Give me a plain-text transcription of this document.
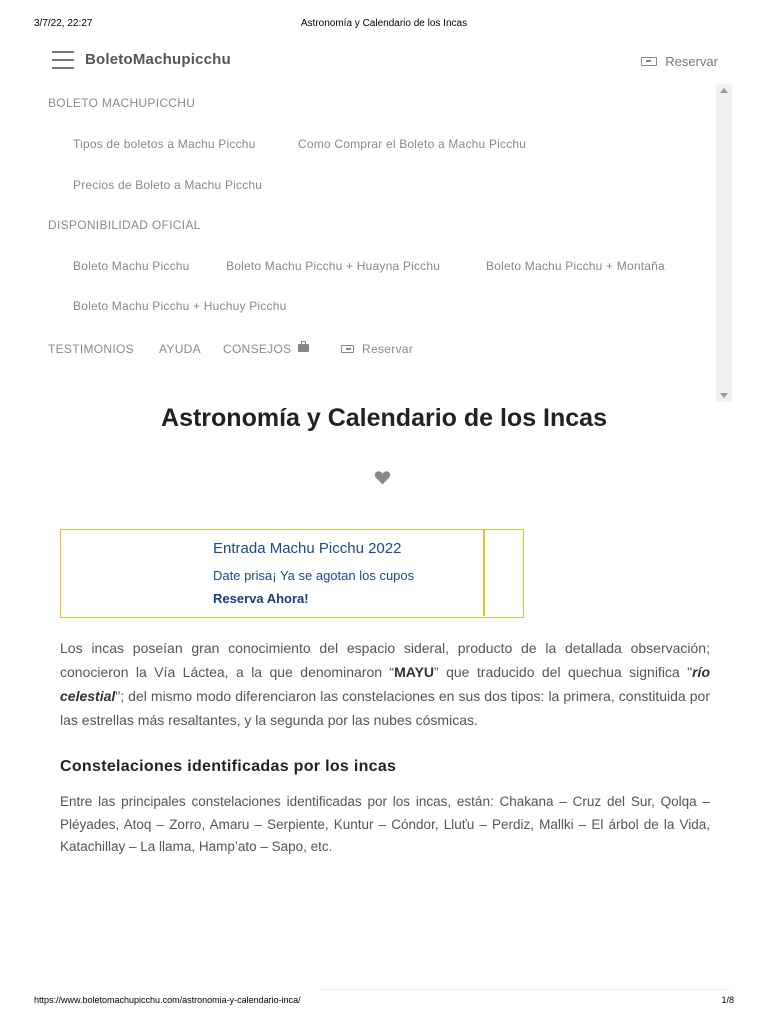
3/7/22, 22:27	Astronomía y Calendario de los Incas
BoletoMachupicchu	Reservar
BOLETO MACHUPICCHU
Tipos de boletos a Machu Picchu	Como Comprar el Boleto a Machu Picchu
Precios de Boleto a Machu Picchu
DISPONIBILIDAD OFICIAL
Boleto Machu Picchu	Boleto Machu Picchu + Huayna Picchu	Boleto Machu Picchu + Montaña
Boleto Machu Picchu + Huchuy Picchu
TESTIMONIOS AYUDA CONSEJOS	Reservar
Astronomía y Calendario de los Incas
Entrada Machu Picchu 2022
Date prisa¡ Ya se agotan los cupos
Reserva Ahora!

Los incas poseían gran conocimiento del espacio sideral, producto de la detallada observación; conocieron la Vía Láctea, a la que denominaron “MAYU” que traducido del quechua significa "río celestial"; del mismo modo diferenciaron las constelaciones en sus dos tipos: la primera, constituida por las estrellas más resaltantes, y la segunda por las nubes cósmicas.

Constelaciones identificadas por los incas

Entre las principales constelaciones identificadas por los incas, están: Chakana – Cruz del Sur, Qolqa – Pléyades, Atoq – Zorro, Amaru – Serpiente, Kuntur – Cóndor, Lluťu – Perdiz, Mallki – El árbol de la Vida, Katachillay – La llama, Hamp’ato – Sapo, etc.

https://www.boletomachupicchu.com/astronomia-y-calendario-inca/	1/8
